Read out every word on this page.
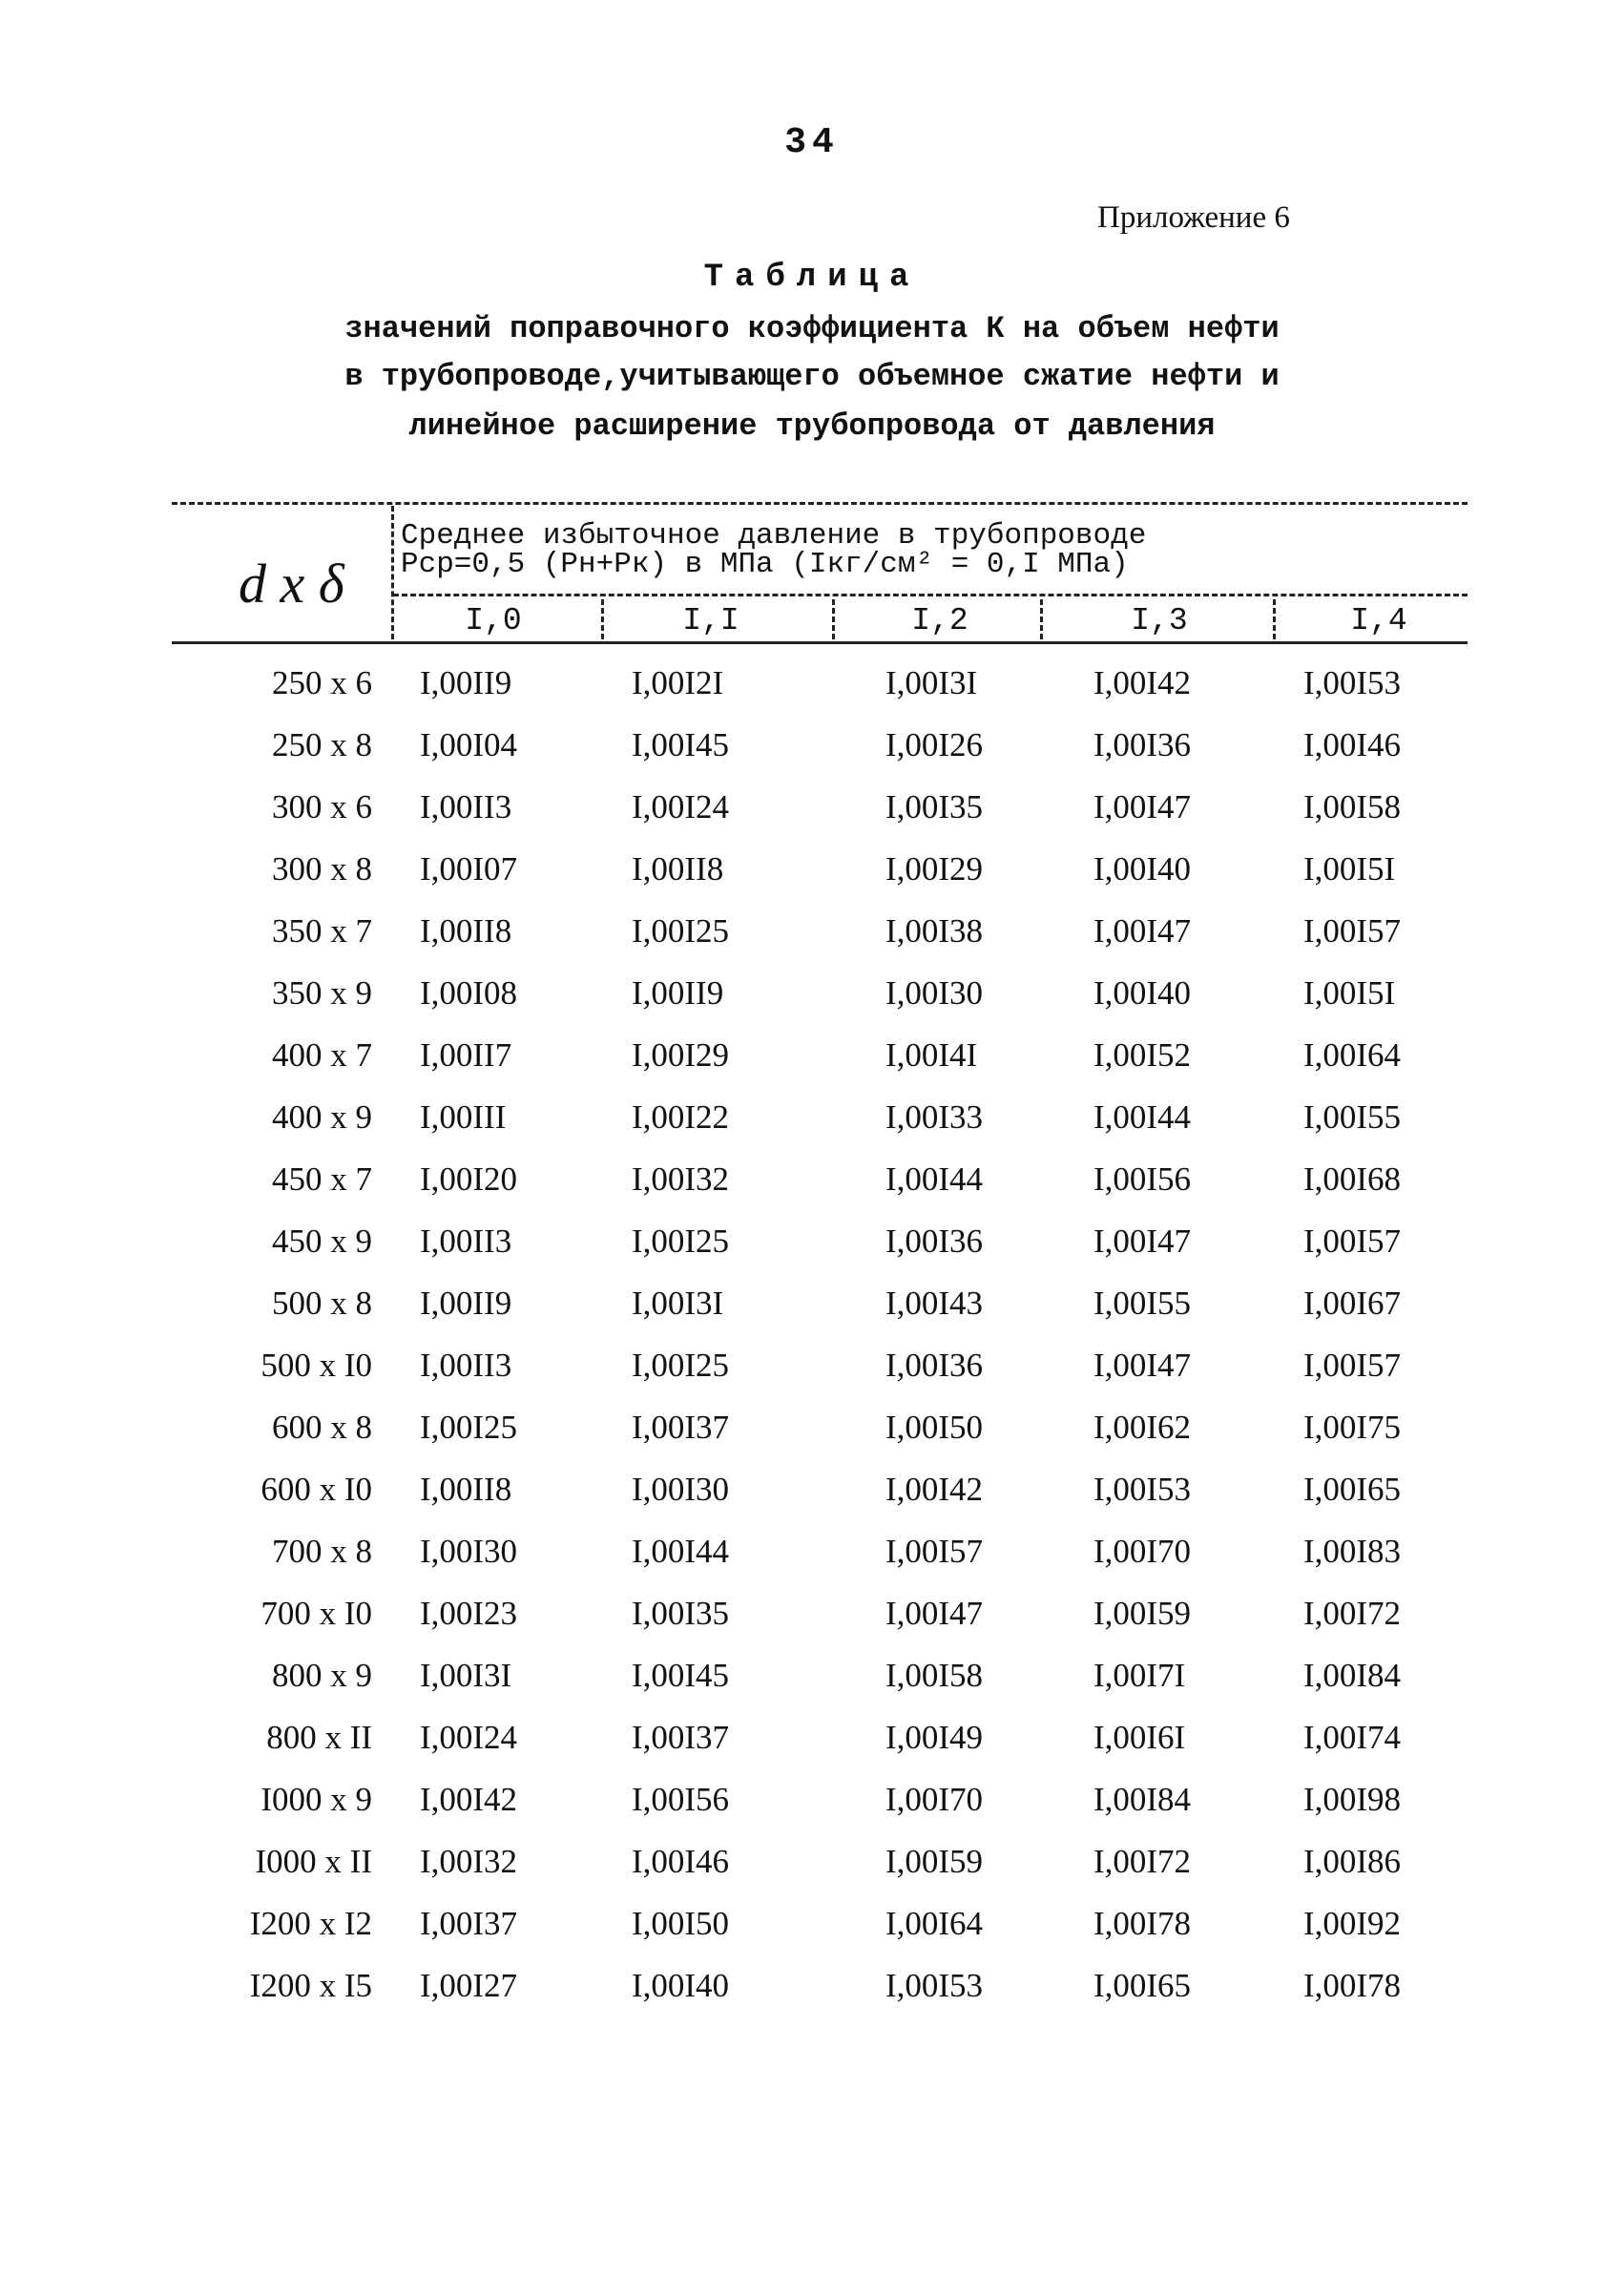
34
Приложение 6
Таблица
значений поправочного коэффициента К на объем нефти
в трубопроводе,учитывающего объемное сжатие нефти и
линейное расширение трубопровода от давления
d x δ
Среднее избыточное давление в трубопроводе
Рср=0,5 (Рн+Рк) в МПа (Iкг/см² = 0,I МПа)
I,0	I,I	I,2	I,3	I,4
250 x 6 I,00II9	I,00I2I	I,00I3I	I,00I42	I,00I53
250 x 8 I,00I04	I,00I45	I,00I26	I,00I36	I,00I46
300 x 6 I,00II3	I,00I24	I,00I35	I,00I47	I,00I58
300 x 8 I,00I07	I,00II8	I,00I29	I,00I40	I,00I5I
350 x 7 I,00II8	I,00I25	I,00I38	I,00I47	I,00I57
350 x 9 I,00I08	I,00II9	I,00I30	I,00I40	I,00I5I
400 x 7 I,00II7	I,00I29	I,00I4I	I,00I52	I,00I64
400 x 9 I,00III	I,00I22	I,00I33	I,00I44	I,00I55
450 x 7 I,00I20	I,00I32	I,00I44	I,00I56	I,00I68
450 x 9 I,00II3	I,00I25	I,00I36	I,00I47	I,00I57
500 x 8 I,00II9	I,00I3I	I,00I43	I,00I55	I,00I67
500 x I0 I,00II3	I,00I25	I,00I36	I,00I47	I,00I57
600 x 8 I,00I25	I,00I37	I,00I50	I,00I62	I,00I75
600 x I0 I,00II8	I,00I30	I,00I42	I,00I53	I,00I65
700 x 8 I,00I30	I,00I44	I,00I57	I,00I70	I,00I83
700 x I0 I,00I23	I,00I35	I,00I47	I,00I59	I,00I72
800 x 9 I,00I3I	I,00I45	I,00I58	I,00I7I	I,00I84
800 x II I,00I24	I,00I37	I,00I49	I,00I6I	I,00I74
I000 x 9 I,00I42	I,00I56	I,00I70	I,00I84	I,00I98
I000 x II I,00I32	I,00I46	I,00I59	I,00I72	I,00I86
I200 x I2 I,00I37	I,00I50	I,00I64	I,00I78	I,00I92
I200 x I5 I,00I27	I,00I40	I,00I53	I,00I65	I,00I78
